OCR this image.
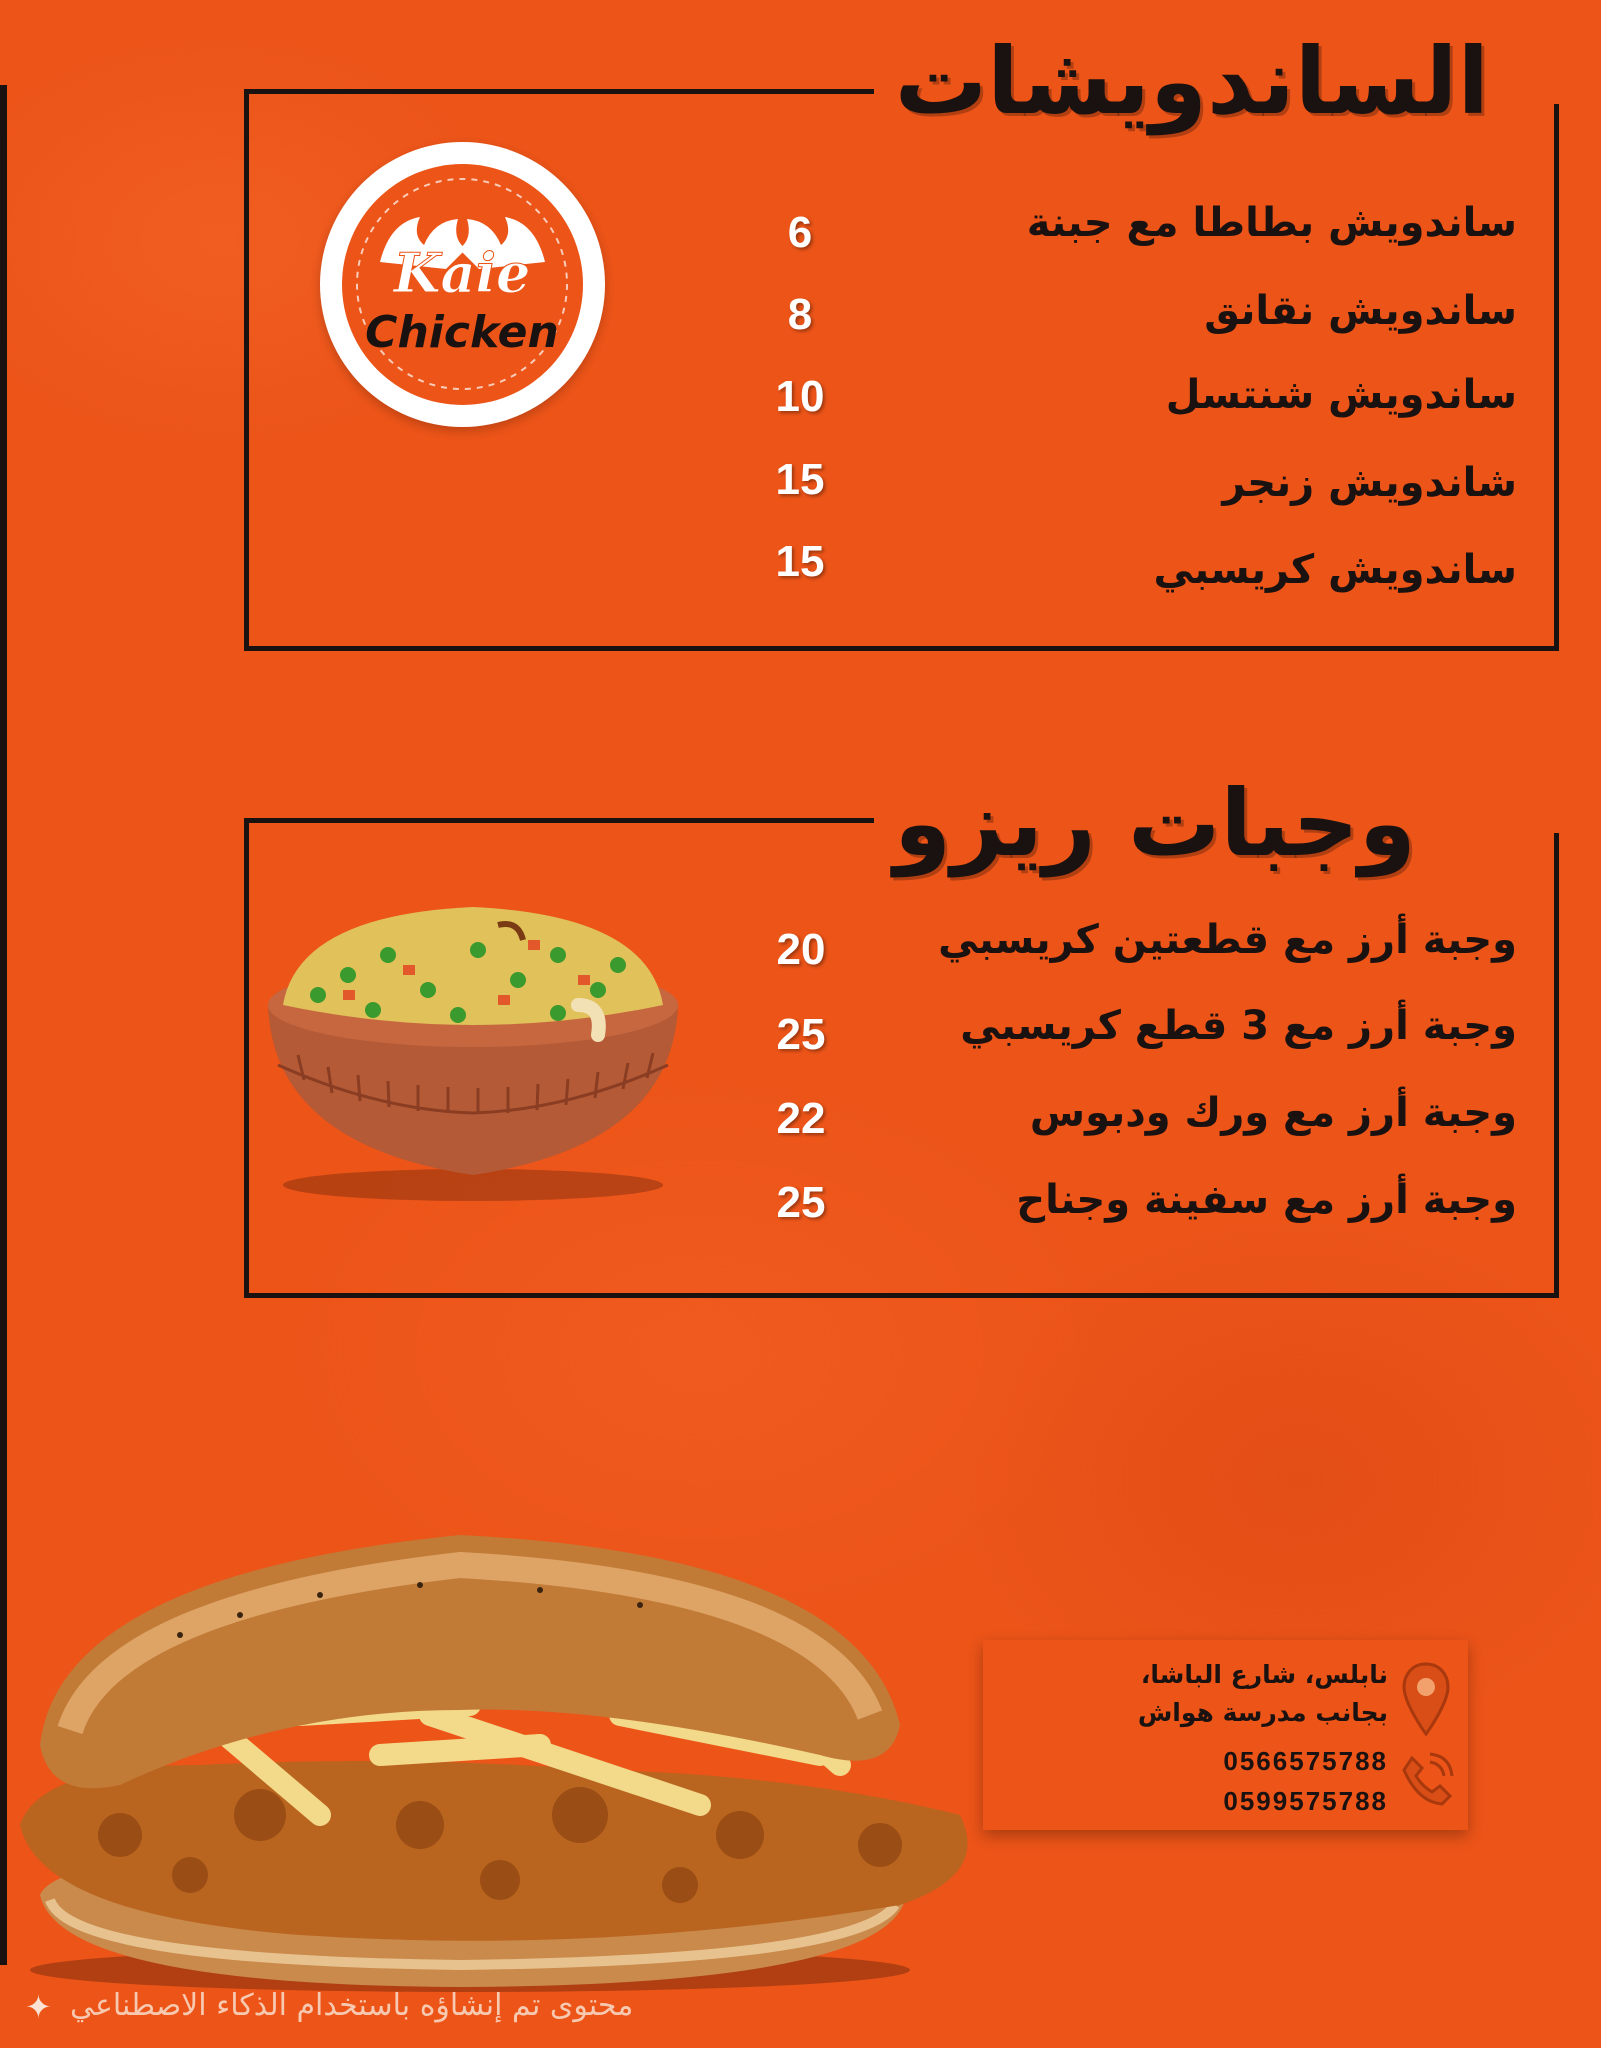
الساندويشات
ساندويش بطاطا مع جبنة
ساندويش نقانق
ساندويش شنتسل
شاندويش زنجر
ساندويش كريسبي
6
8
10
15
15
Kaie
Chicken
وجبات ريزو
وجبة أرز مع قطعتين كريسبي
وجبة أرز مع 3 قطع كريسبي
وجبة أرز مع ورك ودبوس
وجبة أرز مع سفينة وجناح
20
25
22
25
نابلس، شارع الباشا،
بجانب مدرسة هواش
0566575788
0599575788
✦ محتوى تم إنشاؤه باستخدام الذكاء الاصطناعي
